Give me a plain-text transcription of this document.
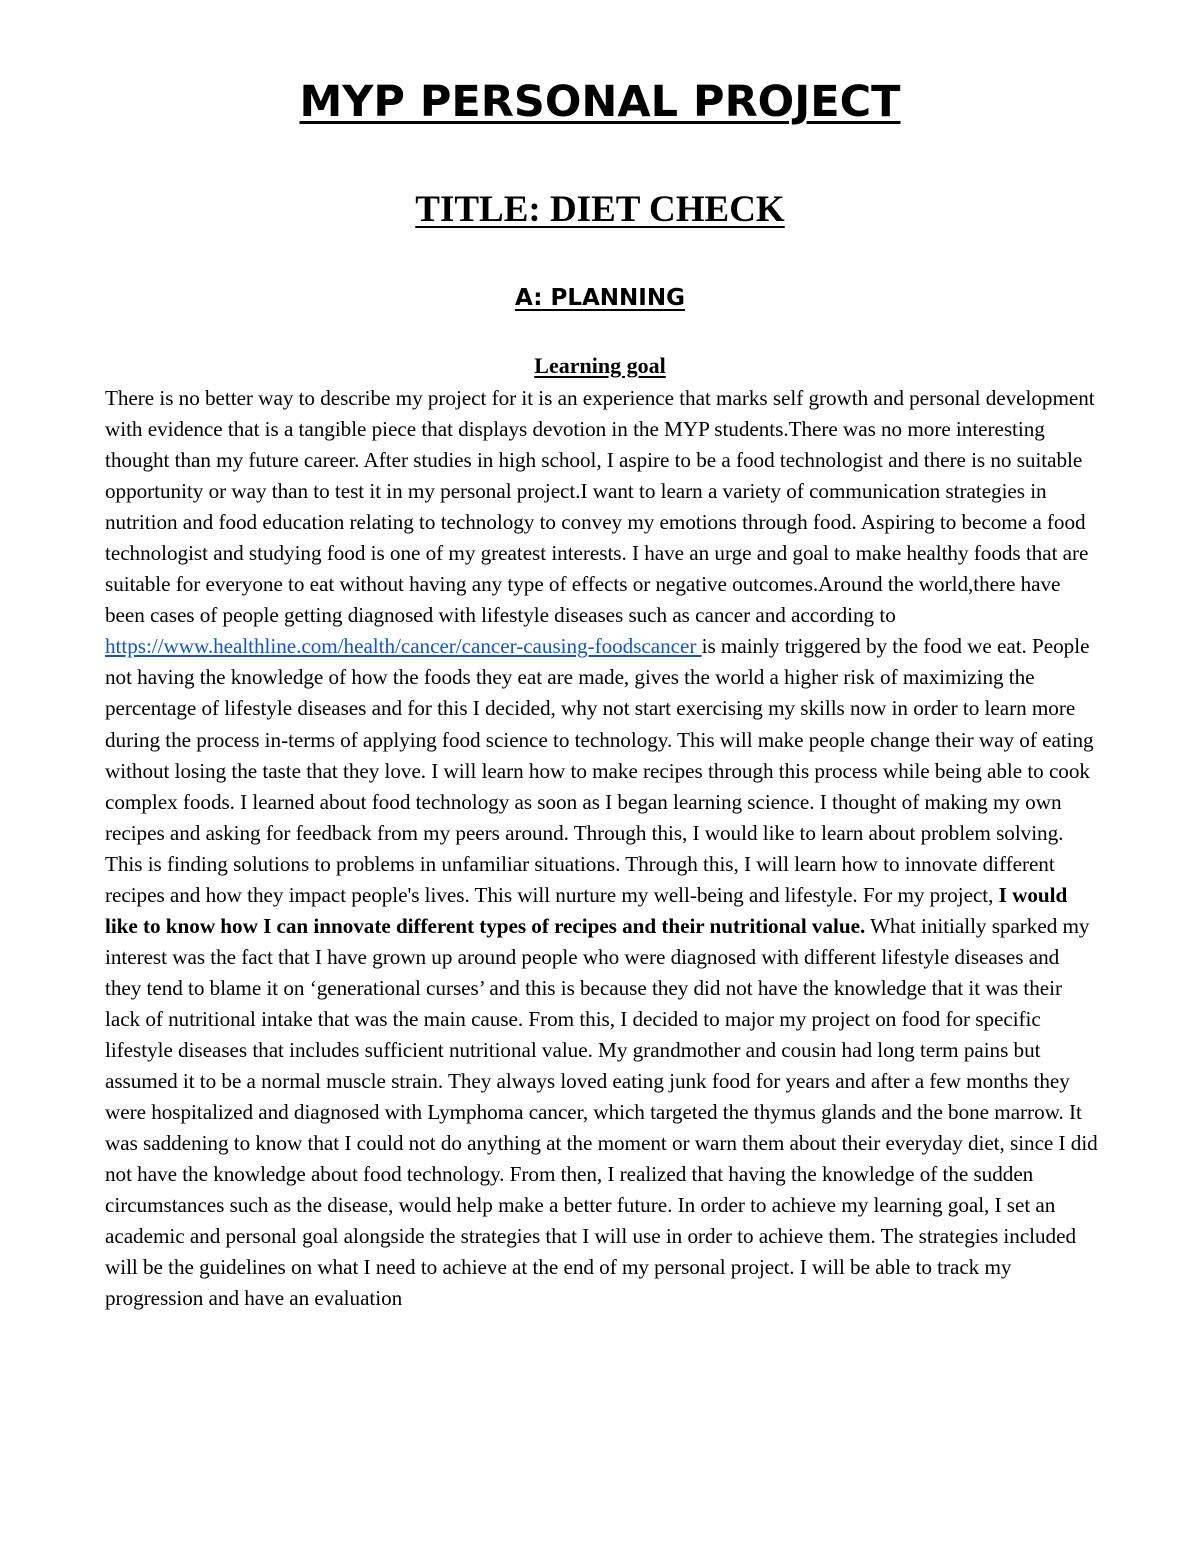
MYP PERSONAL PROJECT
TITLE: DIET CHECK
A: PLANNING
Learning goal

There is no better way to describe my project for it is an experience that marks self growth and personal development with evidence that is a tangible piece that displays devotion in the MYP students.There was no more interesting thought than my future career. After studies in high school, I aspire to be a food technologist and there is no suitable opportunity or way than to test it in my personal project.I want to learn a variety of communication strategies in nutrition and food education relating to technology to convey my emotions through food. Aspiring to become a food technologist and studying food is one of my greatest interests. I have an urge and goal to make healthy foods that are suitable for everyone to eat without having any type of effects or negative outcomes.Around the world,there have been cases of people getting diagnosed with lifestyle diseases such as cancer and according to https://www.healthline.com/health/cancer/cancer-causing-foodscancer is mainly triggered by the food we eat. People not having the knowledge of how the foods they eat are made, gives the world a higher risk of maximizing the percentage of lifestyle diseases and for this I decided, why not start exercising my skills now in order to learn more during the process in-terms of applying food science to technology. This will make people change their way of eating without losing the taste that they love. I will learn how to make recipes through this process while being able to cook complex foods. I learned about food technology as soon as I began learning science. I thought of making my own recipes and asking for feedback from my peers around. Through this, I would like to learn about problem solving. This is finding solutions to problems in unfamiliar situations. Through this, I will learn how to innovate different recipes and how they impact people's lives. This will nurture my well-being and lifestyle. For my project, I would like to know how I can innovate different types of recipes and their nutritional value. What initially sparked my interest was the fact that I have grown up around people who were diagnosed with different lifestyle diseases and they tend to blame it on ‘generational curses’ and this is because they did not have the knowledge that it was their lack of nutritional intake that was the main cause. From this, I decided to major my project on food for specific lifestyle diseases that includes sufficient nutritional value. My grandmother and cousin had long term pains but assumed it to be a normal muscle strain. They always loved eating junk food for years and after a few months they were hospitalized and diagnosed with Lymphoma cancer, which targeted the thymus glands and the bone marrow. It was saddening to know that I could not do anything at the moment or warn them about their everyday diet, since I did not have the knowledge about food technology. From then, I realized that having the knowledge of the sudden circumstances such as the disease, would help make a better future. In order to achieve my learning goal, I set an academic and personal goal alongside the strategies that I will use in order to achieve them. The strategies included will be the guidelines on what I need to achieve at the end of my personal project. I will be able to track my progression and have an evaluation
